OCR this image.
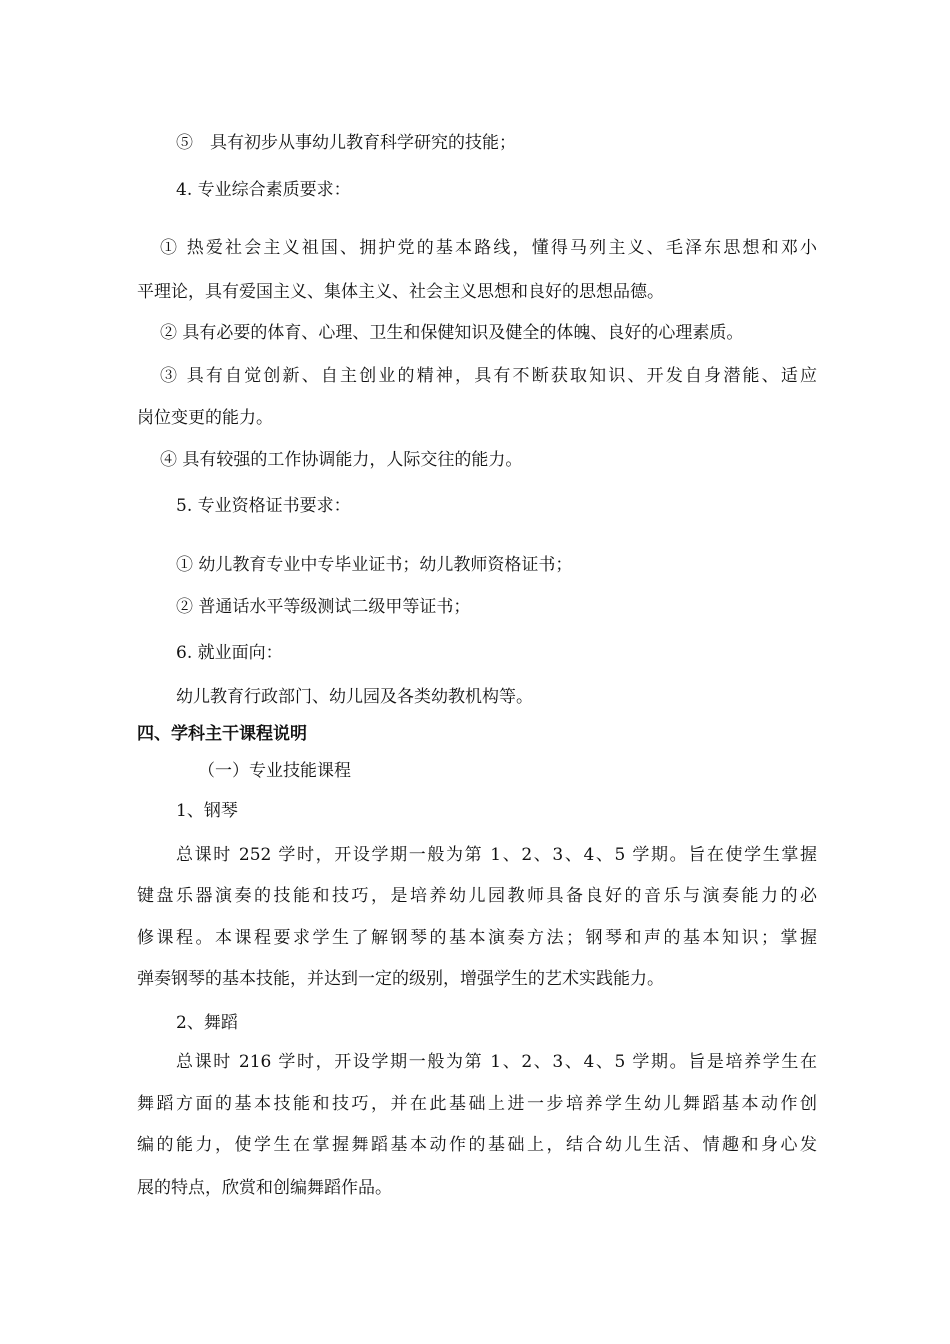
⑤　具有初步从事幼儿教育科学研究的技能；
4. 专业综合素质要求：
① 热爱社会主义祖国、拥护党的基本路线，懂得马列主义、毛泽东思想和邓小
平理论，具有爱国主义、集体主义、社会主义思想和良好的思想品德。
② 具有必要的体育、心理、卫生和保健知识及健全的体魄、良好的心理素质。
③ 具有自觉创新、自主创业的精神，具有不断获取知识、开发自身潜能、适应
岗位变更的能力。
④ 具有较强的工作协调能力，人际交往的能力。
5. 专业资格证书要求：
① 幼儿教育专业中专毕业证书；幼儿教师资格证书；
② 普通话水平等级测试二级甲等证书；
6. 就业面向：
幼儿教育行政部门、幼儿园及各类幼教机构等。
四、学科主干课程说明
（一）专业技能课程
1、钢琴
总课时 252 学时，开设学期一般为第 1、2、3、4、5 学期。旨在使学生掌握
键盘乐器演奏的技能和技巧，是培养幼儿园教师具备良好的音乐与演奏能力的必
修课程。本课程要求学生了解钢琴的基本演奏方法；钢琴和声的基本知识；掌握
弹奏钢琴的基本技能，并达到一定的级别，增强学生的艺术实践能力。
2、舞蹈
总课时 216 学时，开设学期一般为第 1、2、3、4、5 学期。旨是培养学生在
舞蹈方面的基本技能和技巧，并在此基础上进一步培养学生幼儿舞蹈基本动作创
编的能力，使学生在掌握舞蹈基本动作的基础上，结合幼儿生活、情趣和身心发
展的特点，欣赏和创编舞蹈作品。
